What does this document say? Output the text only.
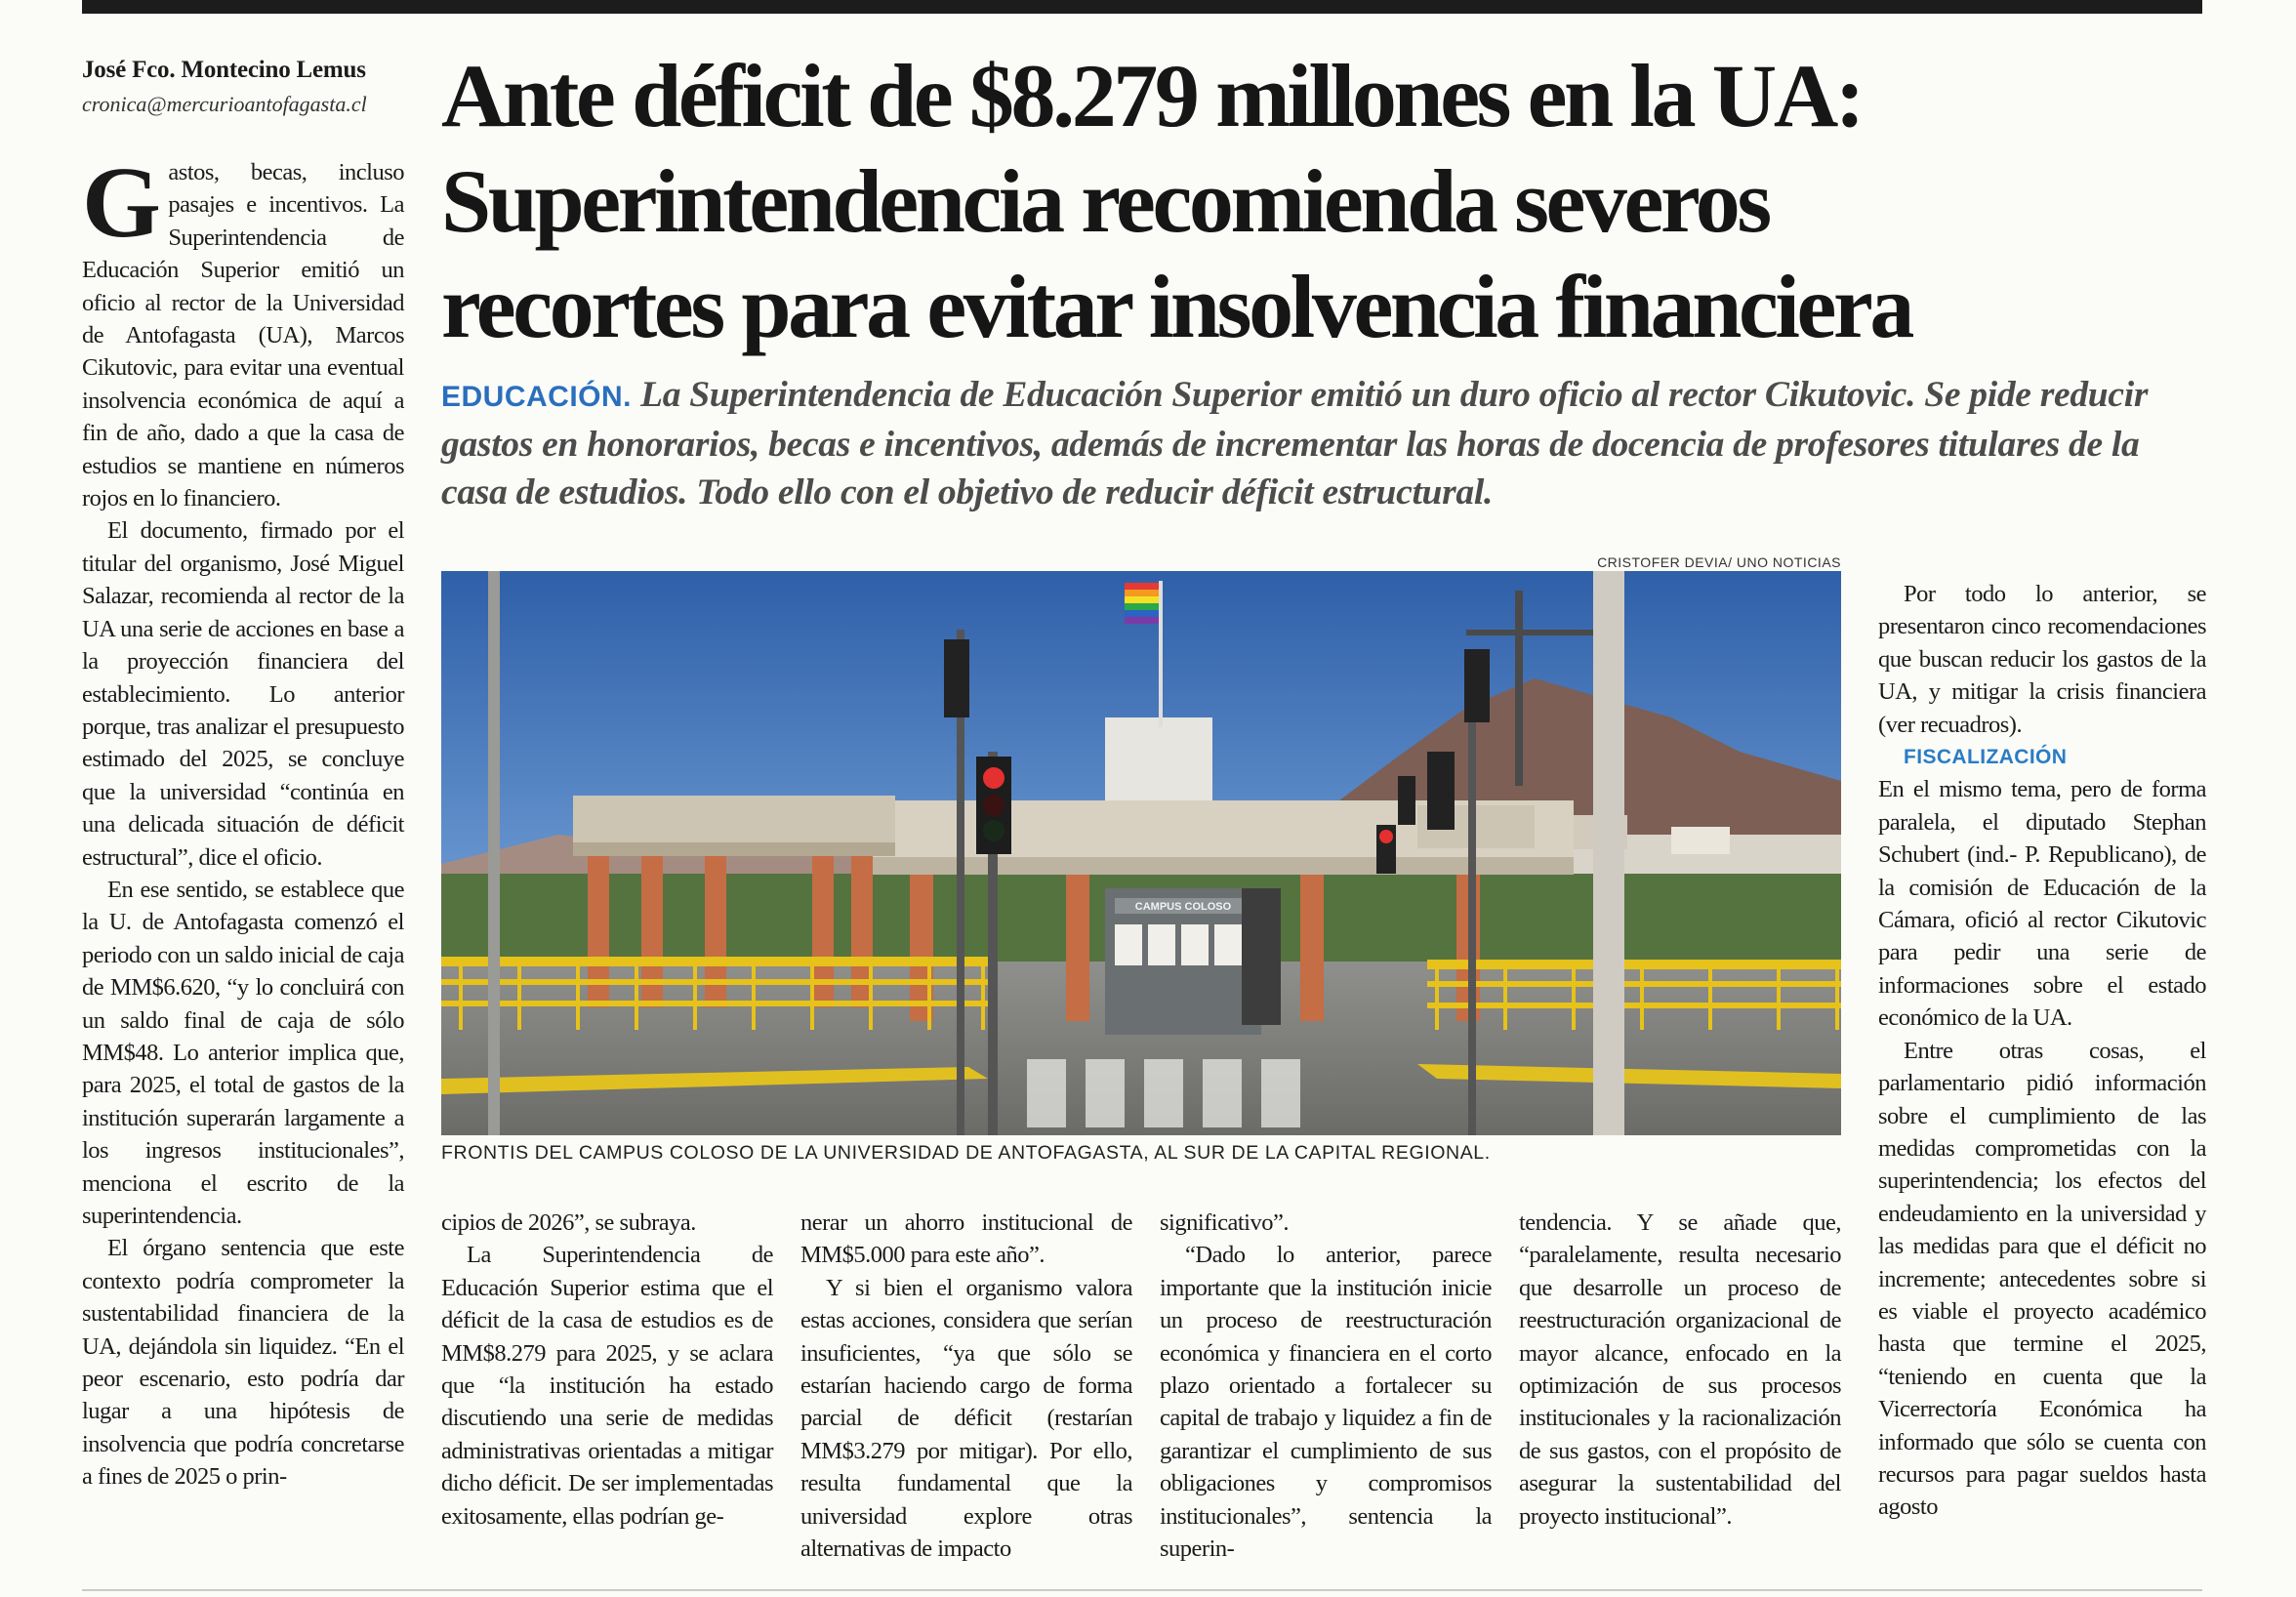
José Fco. Montecino Lemus
cronica@mercurioantofagasta.cl Ante déficit de $8.279 millones en la UA:
Superintendencia recomienda severos
recortes para evitar insolvencia financiera

EDUCACIÓN. La Superintendencia de Educación Superior emitió un duro oficio al rector Cikutovic. Se pide reducir gastos en honorarios, becas e incentivos, además de incrementar las horas de docencia de profesores titulares de la casa de estudios. Todo ello con el objetivo de reducir déficit estructural.

Gastos, becas, incluso pasajes e incentivos. La Superintendencia de Educación Superior emitió un oficio al rector de la Universidad de Antofagasta (UA), Marcos Cikutovic, para evitar una eventual insolvencia económica de aquí a fin de año, dado a que la casa de estudios se mantiene en números rojos en lo financiero.

El documento, firmado por el titular del organismo, José Miguel Salazar, recomienda al rector de la UA una serie de acciones en base a la proyección financiera del establecimiento. Lo anterior porque, tras analizar el presupuesto estimado del 2025, se concluye que la universidad “continúa en una delicada situación de déficit estructural”, dice el oficio.

En ese sentido, se establece que la U. de Antofagasta comenzó el periodo con un saldo inicial de caja de MM$6.620, “y lo concluirá con un saldo final de caja de sólo MM$48. Lo anterior implica que, para 2025, el total de gastos de la institución superarán largamente a los ingresos institucionales”, menciona el escrito de la superintendencia.

El órgano sentencia que este contexto podría comprometer la sustentabilidad financiera de la UA, dejándola sin liquidez. “En el peor escenario, esto podría dar lugar a una hipótesis de insolvencia que podría concretarse a fines de 2025 o prin-

CRISTOFER DEVIA/ UNO NOTICIAS
CAMPUS COLOSO
FRONTIS DEL CAMPUS COLOSO DE LA UNIVERSIDAD DE ANTOFAGASTA, AL SUR DE LA CAPITAL REGIONAL.

cipios de 2026”, se subraya.

La Superintendencia de Educación Superior estima que el déficit de la casa de estudios es de MM$8.279 para 2025, y se aclara que “la institución ha estado discutiendo una serie de medidas administrativas orientadas a mitigar dicho déficit. De ser implementadas exitosamente, ellas podrían ge-

nerar un ahorro institucional de MM$5.000 para este año”.

Y si bien el organismo valora estas acciones, considera que serían insuficientes, “ya que sólo se estarían haciendo cargo de forma parcial de déficit (restarían MM$3.279 por mitigar). Por ello, resulta fundamental que la universidad explore otras alternativas de impacto

significativo”.

“Dado lo anterior, parece importante que la institución inicie un proceso de reestructuración económica y financiera en el corto plazo orientado a fortalecer su capital de trabajo y liquidez a fin de garantizar el cumplimiento de sus obligaciones y compromisos institucionales”, sentencia la superin-

tendencia. Y se añade que, “paralelamente, resulta necesario que desarrolle un proceso de reestructuración organizacional de mayor alcance, enfocado en la optimización de sus procesos institucionales y la racionalización de sus gastos, con el propósito de asegurar la sustentabilidad del proyecto institucional”.

Por todo lo anterior, se presentaron cinco recomendaciones que buscan reducir los gastos de la UA, y mitigar la crisis financiera (ver recuadros).

FISCALIZACIÓN

En el mismo tema, pero de forma paralela, el diputado Stephan Schubert (ind.- P. Republicano), de la comisión de Educación de la Cámara, ofició al rector Cikutovic para pedir una serie de informaciones sobre el estado económico de la UA.

Entre otras cosas, el parlamentario pidió información sobre el cumplimiento de las medidas comprometidas con la superintendencia; los efectos del endeudamiento en la universidad y las medidas para que el déficit no incremente; antecedentes sobre si es viable el proyecto académico hasta que termine el 2025, “teniendo en cuenta que la Vicerrectoría Económica ha informado que sólo se cuenta con recursos para pagar sueldos hasta agosto
